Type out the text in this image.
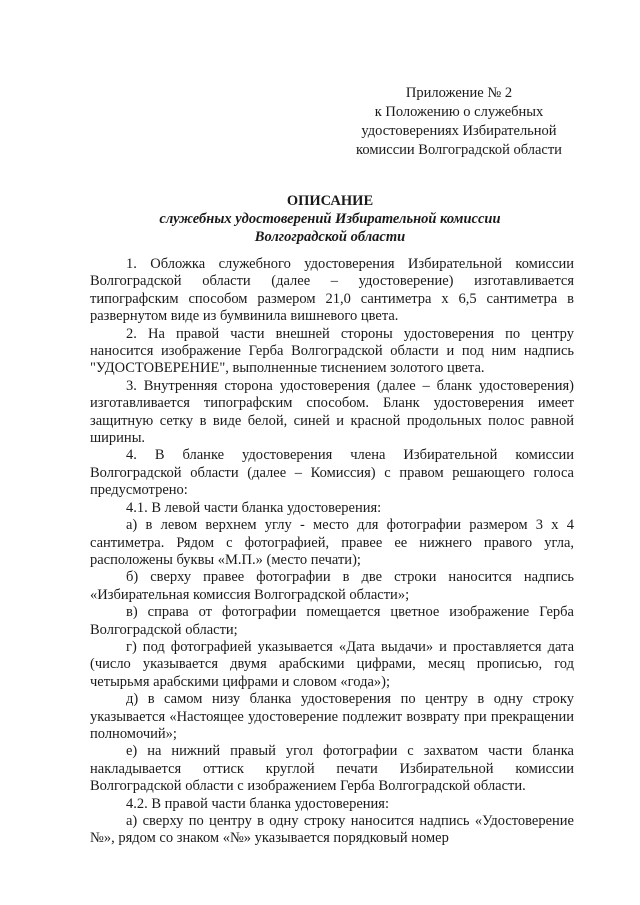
Приложение № 2
к Положению о служебных
удостоверениях Избирательной
комиссии Волгоградской области
ОПИСАНИЕ
служебных удостоверений Избирательной комиссии
Волгоградской области

1. Обложка служебного удостоверения Избирательной комиссии Волгоградской области (далее – удостоверение) изготавливается типографским способом размером 21,0 сантиметра х 6,5 сантиметра в развернутом виде из бумвинила вишневого цвета.

2. На правой части внешней стороны удостоверения по центру наносится изображение Герба Волгоградской области и под ним надпись "УДОСТОВЕРЕНИЕ", выполненные тиснением золотого цвета.

3. Внутренняя сторона удостоверения (далее – бланк удостоверения) изготавливается типографским способом. Бланк удостоверения имеет защитную сетку в виде белой, синей и красной продольных полос равной ширины.

4. В бланке удостоверения члена Избирательной комиссии Волгоградской области (далее – Комиссия) с правом решающего голоса предусмотрено:

4.1. В левой части бланка удостоверения:

а) в левом верхнем углу - место для фотографии размером 3 х 4 сантиметра. Рядом с фотографией, правее ее нижнего правого угла, расположены буквы «М.П.» (место печати);

б) сверху правее фотографии в две строки наносится надпись «Избирательная комиссия Волгоградской области»;

в) справа от фотографии помещается цветное изображение Герба Волгоградской области;

г) под фотографией указывается «Дата выдачи» и проставляется дата (число указывается двумя арабскими цифрами, месяц прописью, год четырьмя арабскими цифрами и словом «года»);

д) в самом низу бланка удостоверения по центру в одну строку указывается «Настоящее удостоверение подлежит возврату при прекращении полномочий»;

е) на нижний правый угол фотографии с захватом части бланка накладывается оттиск круглой печати Избирательной комиссии Волгоградской области с изображением Герба Волгоградской области.

4.2. В правой части бланка удостоверения:

а) сверху по центру в одну строку наносится надпись «Удостоверение №», рядом со знаком «№» указывается порядковый номер
